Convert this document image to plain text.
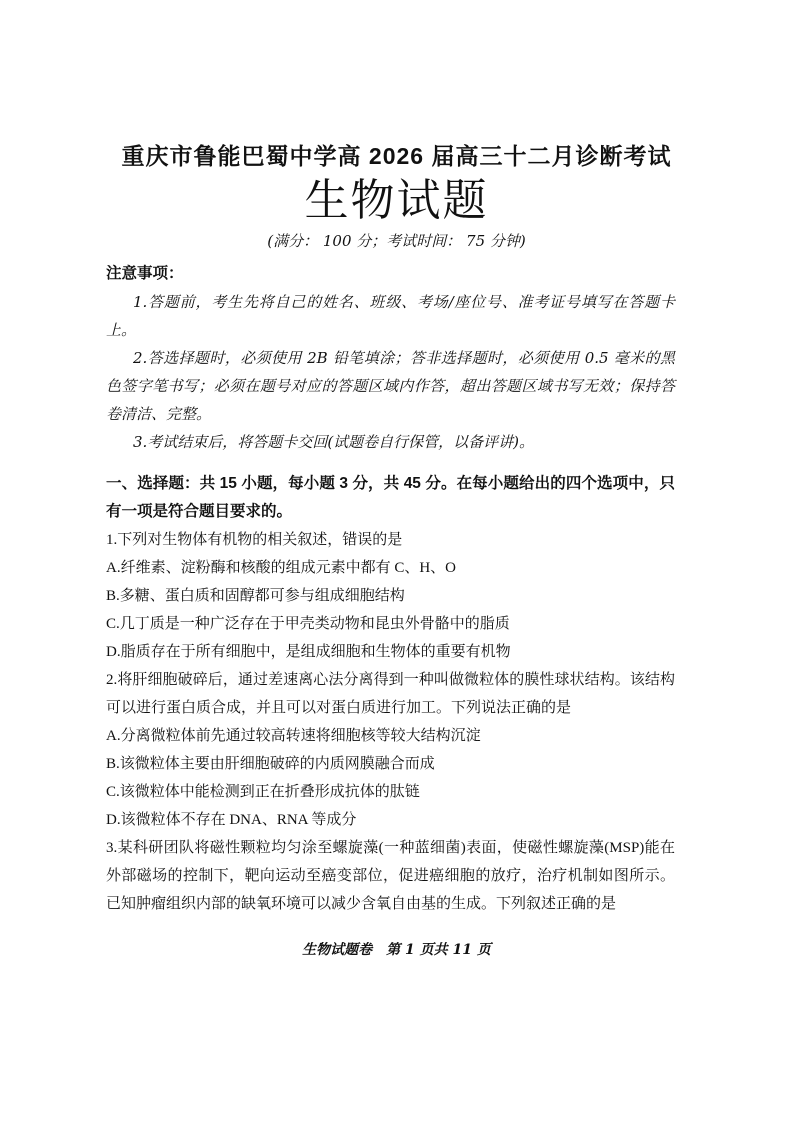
重庆市鲁能巴蜀中学高 2026 届高三十二月诊断考试
生物试题
(满分： 100 分；考试时间： 75 分钟)
注意事项：

1.答题前，考生先将自己的姓名、班级、考场/座位号、准考证号填写在答题卡上。

2.答选择题时，必须使用 2B 铅笔填涂；答非选择题时，必须使用 0.5 毫米的黑色签字笔书写；必须在题号对应的答题区域内作答，超出答题区域书写无效；保持答卷清洁、完整。

3.考试结束后，将答题卡交回(试题卷自行保管，以备评讲)。

一、选择题：共 15 小题，每小题 3 分，共 45 分。在每小题给出的四个选项中，只有一项是符合题目要求的。

1.下列对生物体有机物的相关叙述，错误的是

A.纤维素、淀粉酶和核酸的组成元素中都有 C、H、O

B.多糖、蛋白质和固醇都可参与组成细胞结构

C.几丁质是一种广泛存在于甲壳类动物和昆虫外骨骼中的脂质

D.脂质存在于所有细胞中，是组成细胞和生物体的重要有机物

2.将肝细胞破碎后，通过差速离心法分离得到一种叫做微粒体的膜性球状结构。该结构可以进行蛋白质合成，并且可以对蛋白质进行加工。下列说法正确的是

A.分离微粒体前先通过较高转速将细胞核等较大结构沉淀

B.该微粒体主要由肝细胞破碎的内质网膜融合而成

C.该微粒体中能检测到正在折叠形成抗体的肽链

D.该微粒体不存在 DNA、RNA 等成分

3.某科研团队将磁性颗粒均匀涂至螺旋藻(一种蓝细菌)表面，使磁性螺旋藻(MSP)能在外部磁场的控制下，靶向运动至癌变部位，促进癌细胞的放疗，治疗机制如图所示。已知肿瘤组织内部的缺氧环境可以减少含氧自由基的生成。下列叙述正确的是

生物试题卷 第 1 页共 11 页
